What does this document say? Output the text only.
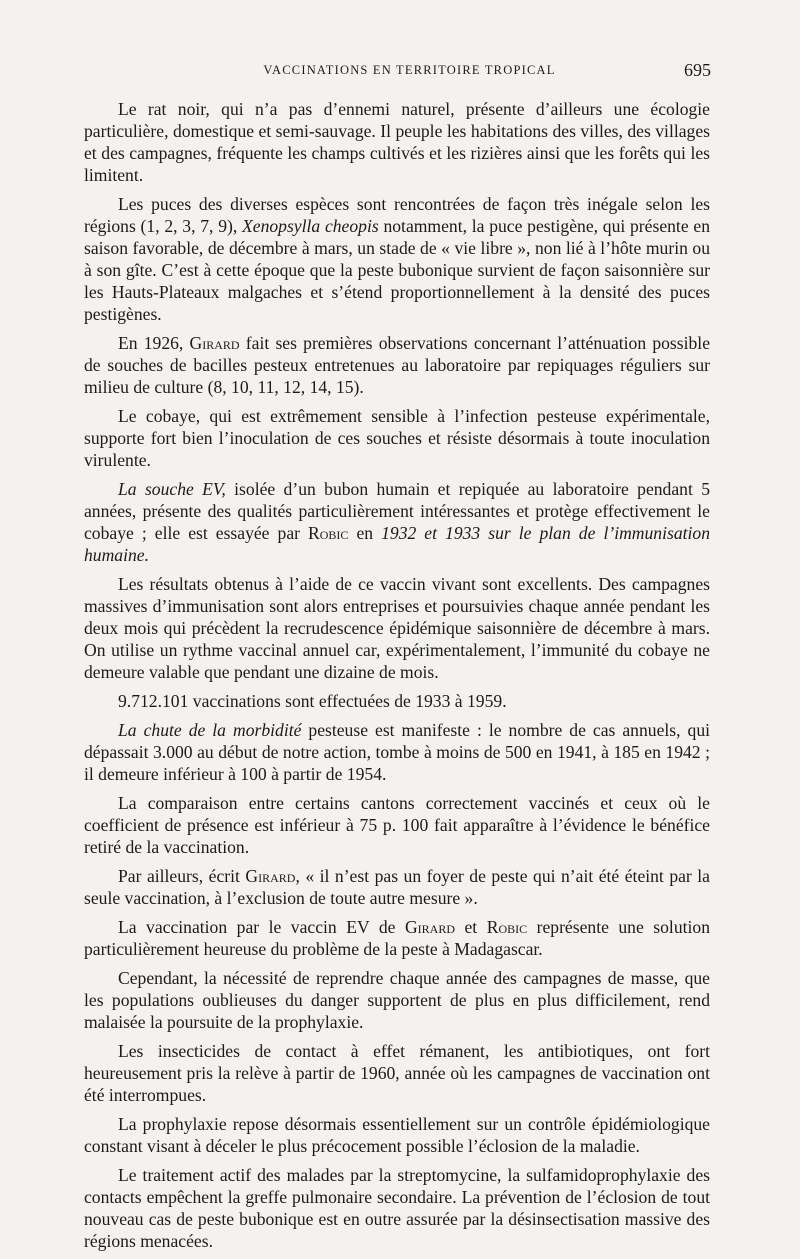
VACCINATIONS EN TERRITOIRE TROPICAL	695

Le rat noir, qui n’a pas d’ennemi naturel, présente d’ailleurs une écologie particulière, domestique et semi-sauvage. Il peuple les habitations des villes, des villages et des campagnes, fréquente les champs cultivés et les rizières ainsi que les forêts qui les limitent.

Les puces des diverses espèces sont rencontrées de façon très inégale selon les régions (1, 2, 3, 7, 9), Xenopsylla cheopis notamment, la puce pestigène, qui présente en saison favorable, de décembre à mars, un stade de « vie libre », non lié à l’hôte murin ou à son gîte. C’est à cette époque que la peste bubonique survient de façon saisonnière sur les Hauts-Plateaux malgaches et s’étend proportionnellement à la densité des puces pestigènes.

En 1926, Girard fait ses premières observations concernant l’atténuation possible de souches de bacilles pesteux entretenues au laboratoire par repiquages réguliers sur milieu de culture (8, 10, 11, 12, 14, 15).

Le cobaye, qui est extrêmement sensible à l’infection pesteuse expérimentale, supporte fort bien l’inoculation de ces souches et résiste désormais à toute inoculation virulente.

La souche EV, isolée d’un bubon humain et repiquée au laboratoire pendant 5 années, présente des qualités particulièrement intéressantes et protège effectivement le cobaye ; elle est essayée par Robic en 1932 et 1933 sur le plan de l’immunisation humaine.

Les résultats obtenus à l’aide de ce vaccin vivant sont excellents. Des campagnes massives d’immunisation sont alors entreprises et poursuivies chaque année pendant les deux mois qui précèdent la recrudescence épidémique saisonnière de décembre à mars. On utilise un rythme vaccinal annuel car, expérimentalement, l’immunité du cobaye ne demeure valable que pendant une dizaine de mois.

9.712.101 vaccinations sont effectuées de 1933 à 1959.

La chute de la morbidité pesteuse est manifeste : le nombre de cas annuels, qui dépassait 3.000 au début de notre action, tombe à moins de 500 en 1941, à 185 en 1942 ; il demeure inférieur à 100 à partir de 1954.

La comparaison entre certains cantons correctement vaccinés et ceux où le coefficient de présence est inférieur à 75 p. 100 fait apparaître à l’évidence le bénéfice retiré de la vaccination.

Par ailleurs, écrit Girard, « il n’est pas un foyer de peste qui n’ait été éteint par la seule vaccination, à l’exclusion de toute autre mesure ».

La vaccination par le vaccin EV de Girard et Robic représente une solution particulièrement heureuse du problème de la peste à Madagascar.

Cependant, la nécessité de reprendre chaque année des campagnes de masse, que les populations oublieuses du danger supportent de plus en plus difficilement, rend malaisée la poursuite de la prophylaxie.

Les insecticides de contact à effet rémanent, les antibiotiques, ont fort heureusement pris la relève à partir de 1960, année où les campagnes de vaccination ont été interrompues.

La prophylaxie repose désormais essentiellement sur un contrôle épidémiologique constant visant à déceler le plus précocement possible l’éclosion de la maladie.

Le traitement actif des malades par la streptomycine, la sulfamidoprophylaxie des contacts empêchent la greffe pulmonaire secondaire. La prévention de l’éclosion de tout nouveau cas de peste bubonique est en outre assurée par la désinsectisation massive des régions menacées.
